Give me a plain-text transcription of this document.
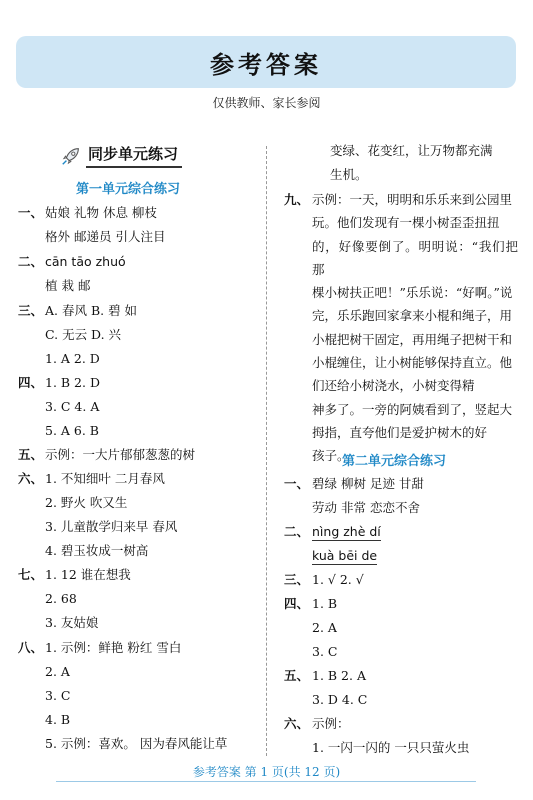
参考答案
仅供教师、家长参阅
同步单元练习
第一单元综合练习
一、 姑娘 礼物 休息 柳枝
格外 邮递员 引人注目
二、 cān tāo zhuó
植 栽 邮
三、 A. 春风 B. 碧 如
C. 无云 D. 兴
1. A 2. D
四、 1. B 2. D
3. C 4. A
5. A 6. B
五、 示例：一大片郁郁葱葱的树
六、 1. 不知细叶 二月春风
2. 野火 吹又生
3. 儿童散学归来早 春风
4. 碧玉妆成一树高
七、 1. 12 谁在想我
2. 68
3. 友姑娘
八、 1. 示例：鲜艳 粉红 雪白
2. A
3. C
4. B
5. 示例：喜欢。 因为春风能让草
变绿、花变红，让万物都充满
生机。
九、 示例：一天，明明和乐乐来到公园里
玩。他们发现有一棵小树歪歪扭扭
的，好像要倒了。明明说：“我们把那
棵小树扶正吧！”乐乐说：“好啊。”说
完，乐乐跑回家拿来小棍和绳子，用
小棍把树干固定，再用绳子把树干和
小棍缠住，让小树能够保持直立。他
们还给小树浇水，小树变得精
神多了。一旁的阿姨看到了，竖起大
拇指，直夸他们是爱护树木的好
孩子。
第二单元综合练习
一、 碧绿 柳树 足迹 甘甜
劳动 非常 恋恋不舍
二、 nìng zhè dí
kuà bēi de
三、 1. √ 2. √
四、 1. B
2. A
3. C
五、 1. B 2. A
3. D 4. C
六、 示例：
1. 一闪一闪的 一只只萤火虫
参考答案 第 1 页(共 12 页)
